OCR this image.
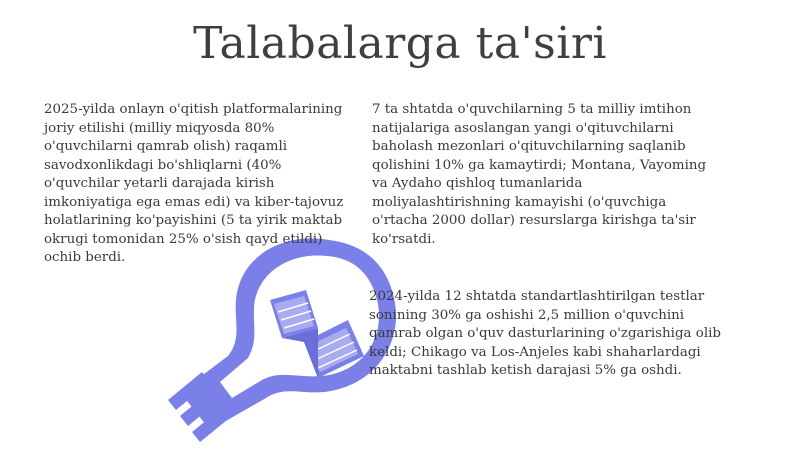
Talabalarga ta'siri

2025-yilda onlayn o'qitish platformalarining joriy etilishi (milliy miqyosda 80% o'quvchilarni qamrab olish) raqamli savodxonlikdagi bo'shliqlarni (40% o'quvchilar yetarli darajada kirish imkoniyatiga ega emas edi) va kiber-tajovuz holatlarining ko'payishini (5 ta yirik maktab okrugi tomonidan 25% o'sish qayd etildi) ochib berdi.

7 ta shtatda o'quvchilarning 5 ta milliy imtihon natijalariga asoslangan yangi o'qituvchilarni baholash mezonlari o'qituvchilarning saqlanib qolishini 10% ga kamaytirdi; Montana, Vayoming va Aydaho qishloq tumanlarida moliyalashtirishning kamayishi (o'quvchiga o'rtacha 2000 dollar) resurslarga kirishga ta'sir ko'rsatdi.

2024-yilda 12 shtatda standartlashtirilgan testlar sonining 30% ga oshishi 2,5 million o'quvchini qamrab olgan o'quv dasturlarining o'zgarishiga olib keldi; Chikago va Los-Anjeles kabi shaharlardagi maktabni tashlab ketish darajasi 5% ga oshdi.
